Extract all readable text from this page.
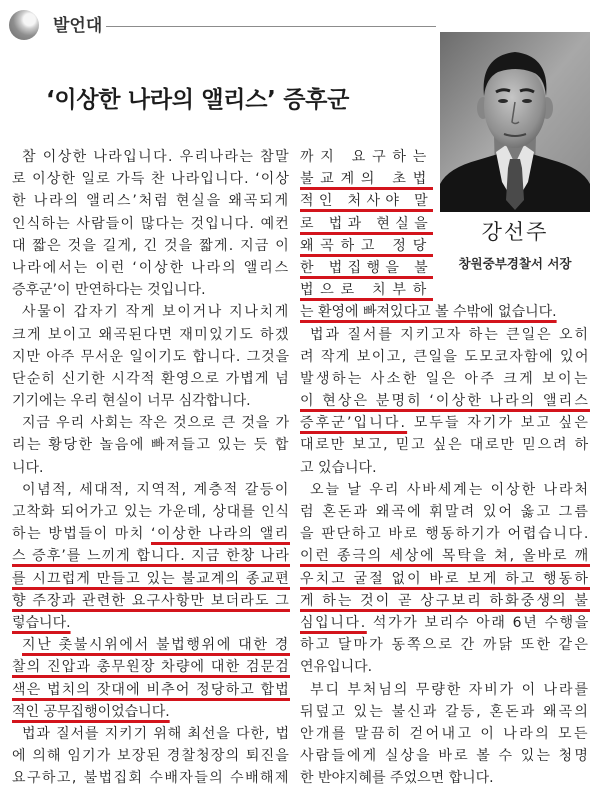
발언대
‘이상한 나라의 앨리스’ 증후군
강선주
창원중부경찰서 서장
참 이상한 나라입니다. 우리나라는 참말
로 이상한 일로 가득 찬 나라입니다. ‘이상
한 나라의 앨리스’처럼 현실을 왜곡되게
인식하는 사람들이 많다는 것입니다. 예컨
대 짧은 것을 길게, 긴 것을 짧게. 지금 이
나라에서는 이런 ‘이상한 나라의 앨리스
증후군’이 만연하다는 것입니다.
사물이 갑자기 작게 보이거나 지나치게
크게 보이고 왜곡된다면 재미있기도 하겠
지만 아주 무서운 일이기도 합니다. 그것을
단순히 신기한 시각적 환영으로 가볍게 넘
기기에는 우리 현실이 너무 심각합니다.
지금 우리 사회는 작은 것으로 큰 것을 가
리는 황당한 놀음에 빠져들고 있는 듯 합
니다.
이념적, 세대적, 지역적, 계층적 갈등이
고착화 되어가고 있는 가운데, 상대를 인식
하는 방법들이 마치 ‘이상한 나라의 앨리
스 증후’를 느끼게 합니다. 지금 한창 나라
를 시끄럽게 만들고 있는 불교계의 종교편
향 주장과 관련한 요구사항만 보더라도 그
렇습니다.
지난 촛불시위에서 불법행위에 대한 경
찰의 진압과 총무원장 차량에 대한 검문검
색은 법치의 잣대에 비추어 정당하고 합법
적인 공무집행이었습니다.
법과 질서를 지키기 위해 최선을 다한, 법
에 의해 임기가 보장된 경찰청장의 퇴진을
요구하고, 불법집회 수배자들의 수배해제
까지 요구하는
불교계의 초법
적인 처사야 말
로 법과 현실을
왜곡하고 정당
한 법집행을 불
법으로 치부하
는 환영에 빠져있다고 볼 수밖에 없습니다.
법과 질서를 지키고자 하는 큰일은 오히
려 작게 보이고, 큰일을 도모코자함에 있어
발생하는 사소한 일은 아주 크게 보이는
이 현상은 분명히 ‘이상한 나라의 앨리스
증후군’입니다. 모두들 자기가 보고 싶은
대로만 보고, 믿고 싶은 대로만 믿으려 하
고 있습니다.
오늘 날 우리 사바세계는 이상한 나라처
럼 혼돈과 왜곡에 휘말려 있어 옳고 그름
을 판단하고 바로 행동하기가 어렵습니다.
이런 종극의 세상에 목탁을 쳐, 올바로 깨
우치고 굴절 없이 바로 보게 하고 행동하
게 하는 것이 곧 상구보리 하화중생의 불
심입니다. 석가가 보리수 아래 6년 수행을
하고 달마가 동쪽으로 간 까닭 또한 같은
연유입니다.
부디 부처님의 무량한 자비가 이 나라를
뒤덮고 있는 불신과 갈등, 혼돈과 왜곡의
안개를 말끔히 걷어내고 이 나라의 모든
사람들에게 실상을 바로 볼 수 있는 청명
한 반야지혜를 주었으면 합니다.
